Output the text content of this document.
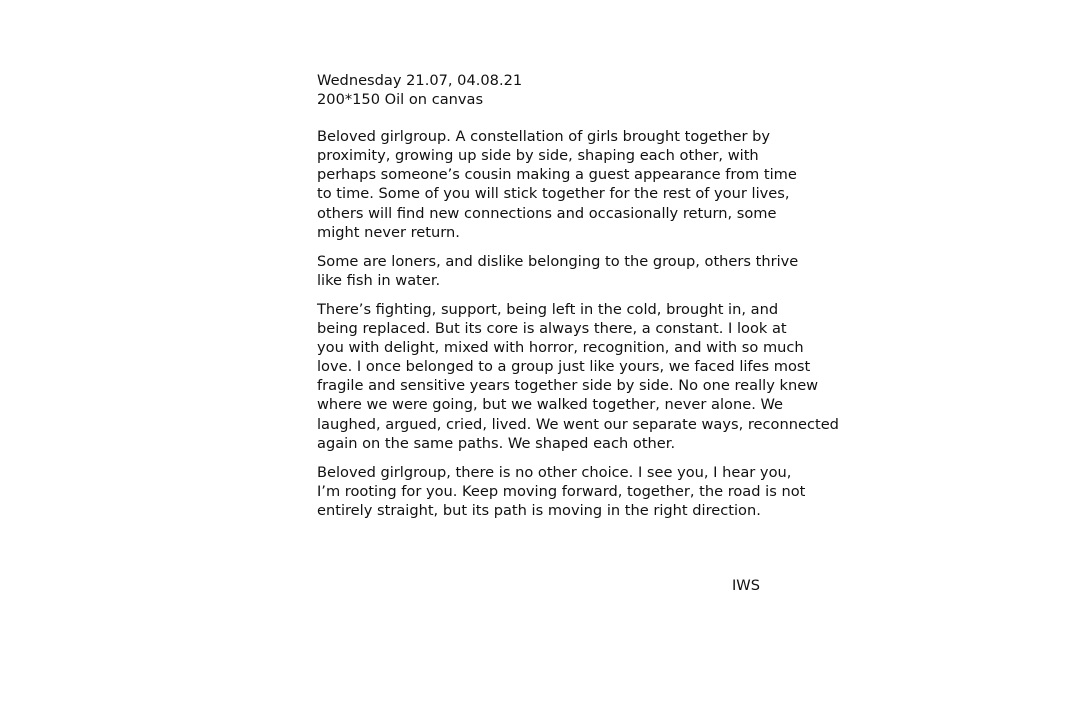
Wednesday 21.07, 04.08.21

200*150 Oil on canvas

Beloved girlgroup. A constellation of girls brought together by
proximity, growing up side by side, shaping each other, with
perhaps someone’s cousin making a guest appearance from time
to time. Some of you will stick together for the rest of your lives,
others will find new connections and occasionally return, some
might never return.

Some are loners, and dislike belonging to the group, others thrive
like fish in water.

There’s fighting, support, being left in the cold, brought in, and
being replaced. But its core is always there, a constant. I look at
you with delight, mixed with horror, recognition, and with so much
love. I once belonged to a group just like yours, we faced lifes most
fragile and sensitive years together side by side. No one really knew
where we were going, but we walked together, never alone. We
laughed, argued, cried, lived. We went our separate ways, reconnected
again on the same paths. We shaped each other.

Beloved girlgroup, there is no other choice. I see you, I hear you,
I’m rooting for you. Keep moving forward, together, the road is not
entirely straight, but its path is moving in the right direction.

IWS
